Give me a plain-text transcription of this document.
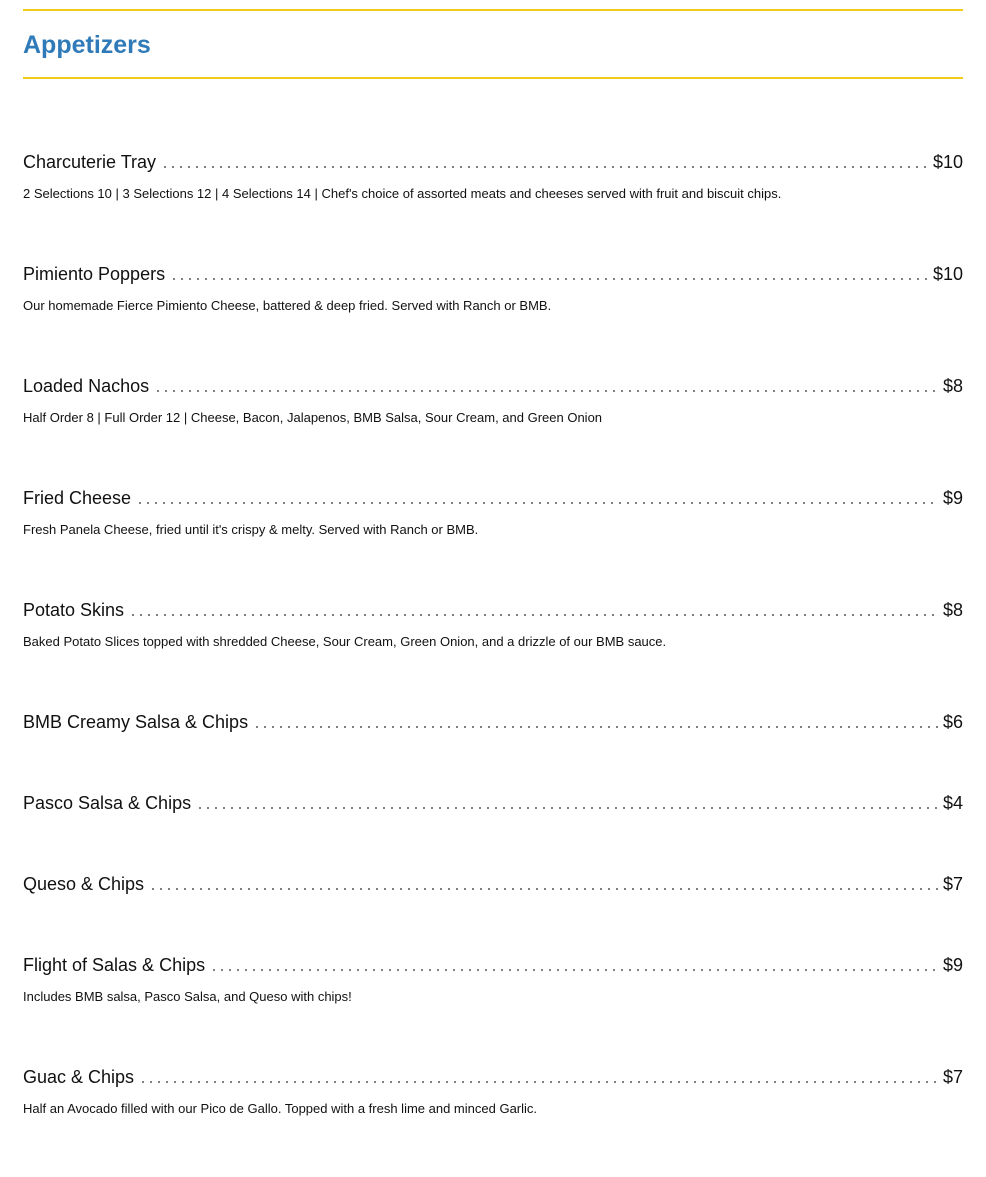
Appetizers
Charcuterie Tray	$10
2 Selections 10 | 3 Selections 12 | 4 Selections 14 | Chef's choice of assorted meats and cheeses served with fruit and biscuit chips.
Pimiento Poppers	$10
Our homemade Fierce Pimiento Cheese, battered & deep fried. Served with Ranch or BMB.
Loaded Nachos	$8
Half Order 8 | Full Order 12 | Cheese, Bacon, Jalapenos, BMB Salsa, Sour Cream, and Green Onion
Fried Cheese	$9
Fresh Panela Cheese, fried until it's crispy & melty. Served with Ranch or BMB.
Potato Skins	$8
Baked Potato Slices topped with shredded Cheese, Sour Cream, Green Onion, and a drizzle of our BMB sauce.
BMB Creamy Salsa & Chips	$6
Pasco Salsa & Chips	$4
Queso & Chips	$7
Flight of Salas & Chips	$9
Includes BMB salsa, Pasco Salsa, and Queso with chips!
Guac & Chips	$7
Half an Avocado filled with our Pico de Gallo. Topped with a fresh lime and minced Garlic.
